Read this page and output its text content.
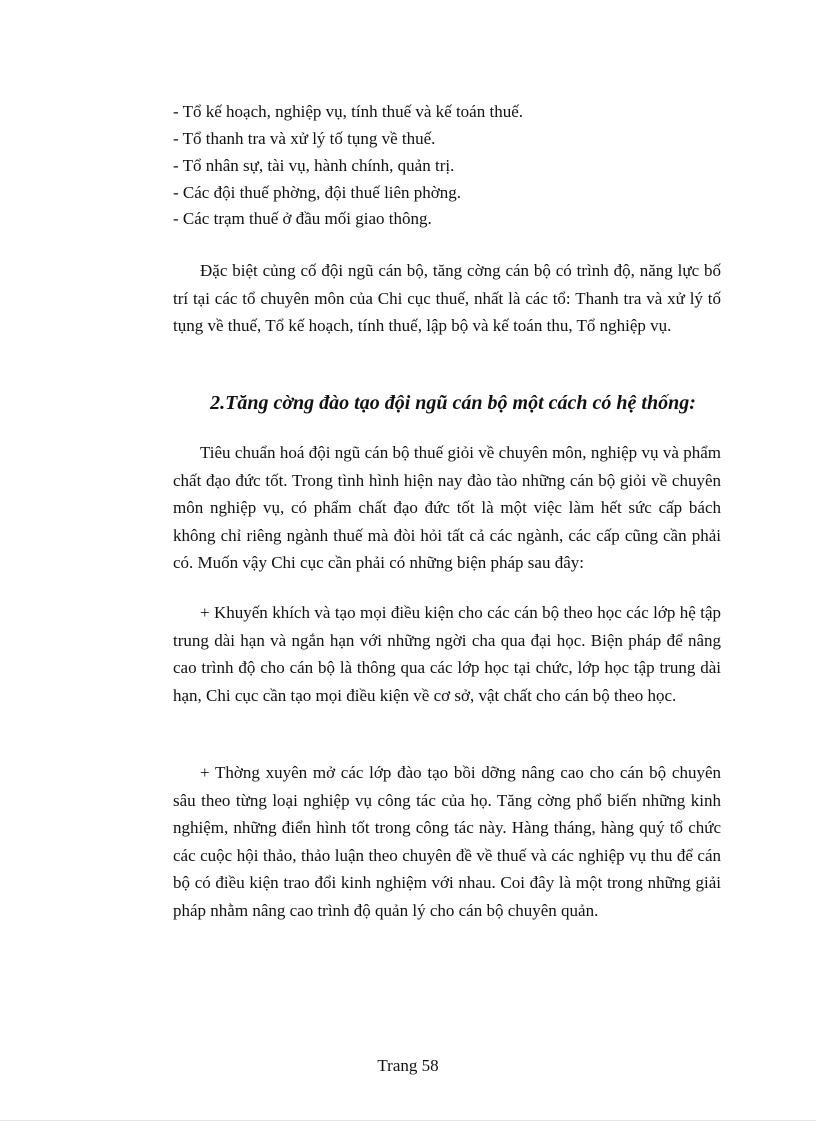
- Tổ kế hoạch, nghiệp vụ, tính thuế và kế toán thuế.
- Tổ thanh tra và xử lý tố tụng về thuế.
- Tổ nhân sự, tài vụ, hành chính, quản trị.
- Các đội thuế phờng, đội thuế liên phờng.
- Các trạm thuế ở đầu mối giao thông.

Đặc biệt củng cố đội ngũ cán bộ, tăng cờng cán bộ có trình độ, năng lực bố trí tại các tổ chuyên môn của Chi cục thuế, nhất là các tổ: Thanh tra và xử lý tố tụng về thuế, Tổ kế hoạch, tính thuế, lập bộ và kế toán thu, Tổ nghiệp vụ.

2.Tăng cờng đào tạo đội ngũ cán bộ một cách có hệ thống:

Tiêu chuẩn hoá đội ngũ cán bộ thuế giỏi về chuyên môn, nghiệp vụ và phẩm chất đạo đức tốt. Trong tình hình hiện nay đào tào những cán bộ giỏi về chuyên môn nghiệp vụ, có phẩm chất đạo đức tốt là một việc làm hết sức cấp bách không chỉ riêng ngành thuế mà đòi hỏi tất cả các ngành, các cấp cũng cần phải có. Muốn vậy Chi cục cần phải có những biện pháp sau đây:

+ Khuyến khích và tạo mọi điều kiện cho các cán bộ theo học các lớp hệ tập trung dài hạn và ngắn hạn với những ngời cha qua đại học. Biện pháp để nâng cao trình độ cho cán bộ là thông qua các lớp học tại chức, lớp học tập trung dài hạn, Chi cục cần tạo mọi điều kiện về cơ sở, vật chất cho cán bộ theo học.

+ Thờng xuyên mở các lớp đào tạo bồi dỡng nâng cao cho cán bộ chuyên sâu theo từng loại nghiệp vụ công tác của họ. Tăng cờng phổ biến những kinh nghiệm, những điển hình tốt trong công tác này. Hàng tháng, hàng quý tổ chức các cuộc hội thảo, thảo luận theo chuyên đề về thuế và các nghiệp vụ thu để cán bộ có điều kiện trao đổi kinh nghiệm với nhau. Coi đây là một trong những giải pháp nhằm nâng cao trình độ quản lý cho cán bộ chuyên quản.

Trang 58
